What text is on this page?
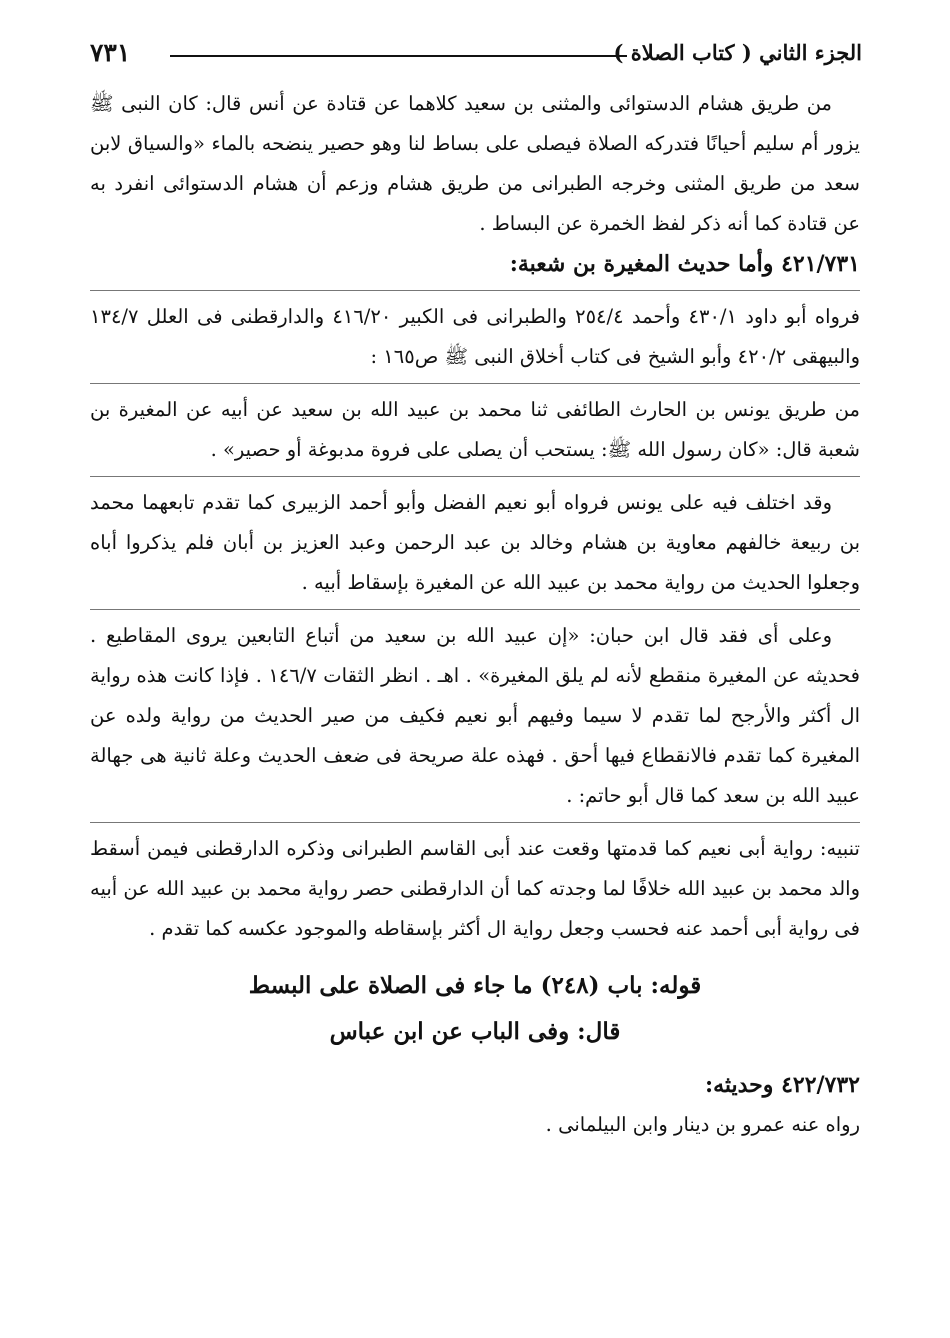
الجزء الثاني ( كتاب الصلاة )
٧٣١

من طريق هشام الدستوائى والمثنى بن سعيد كلاهما عن قتادة عن أنس قال: كان النبى ﷺ يزور أم سليم أحيانًا فتدركه الصلاة فيصلى على بساط لنا وهو حصير ينضحه بالماء «والسياق لابن سعد من طريق المثنى وخرجه الطبرانى من طريق هشام وزعم أن هشام الدستوائى انفرد به عن قتادة كما أنه ذكر لفظ الخمرة عن البساط .

٤٢١/٧٣١ وأما حديث المغيرة بن شعبة:

فرواه أبو داود ٤٣٠/١ وأحمد ٢٥٤/٤ والطبرانى فى الكبير ٤١٦/٢٠ والدارقطنى فى العلل ١٣٤/٧ والبيهقى ٤٢٠/٢ وأبو الشيخ فى كتاب أخلاق النبى ﷺ ص١٦٥ :

من طريق يونس بن الحارث الطائفى ثنا محمد بن عبيد الله بن سعيد عن أبيه عن المغيرة بن شعبة قال: «كان رسول الله ﷺ: يستحب أن يصلى على فروة مدبوغة أو حصير» .

وقد اختلف فيه على يونس فرواه أبو نعيم الفضل وأبو أحمد الزبيرى كما تقدم تابعهما محمد بن ربيعة خالفهم معاوية بن هشام وخالد بن عبد الرحمن وعبد العزيز بن أبان فلم يذكروا أباه وجعلوا الحديث من رواية محمد بن عبيد الله عن المغيرة بإسقاط أبيه .

وعلى أى فقد قال ابن حبان: «إن عبيد الله بن سعيد من أتباع التابعين يروى المقاطيع . فحديثه عن المغيرة منقطع لأنه لم يلق المغيرة» . اهـ . انظر الثقات ١٤٦/٧ . فإذا كانت هذه رواية ال أكثر والأرجح لما تقدم لا سيما وفيهم أبو نعيم فكيف من صير الحديث من رواية ولده عن المغيرة كما تقدم فالانقطاع فيها أحق . فهذه علة صريحة فى ضعف الحديث وعلة ثانية هى جهالة عبيد الله بن سعد كما قال أبو حاتم: .

تنبيه: رواية أبى نعيم كما قدمتها وقعت عند أبى القاسم الطبرانى وذكره الدارقطنى فيمن أسقط والد محمد بن عبيد الله خلافًا لما وجدته كما أن الدارقطنى حصر رواية محمد بن عبيد الله عن أبيه فى رواية أبى أحمد عنه فحسب وجعل رواية ال أكثر بإسقاطه والموجود عكسه كما تقدم .

قوله: باب (٢٤٨) ما جاء فى الصلاة على البسط

قال: وفى الباب عن ابن عباس

٤٢٢/٧٣٢ وحديثه:

رواه عنه عمرو بن دينار وابن البيلمانى .
